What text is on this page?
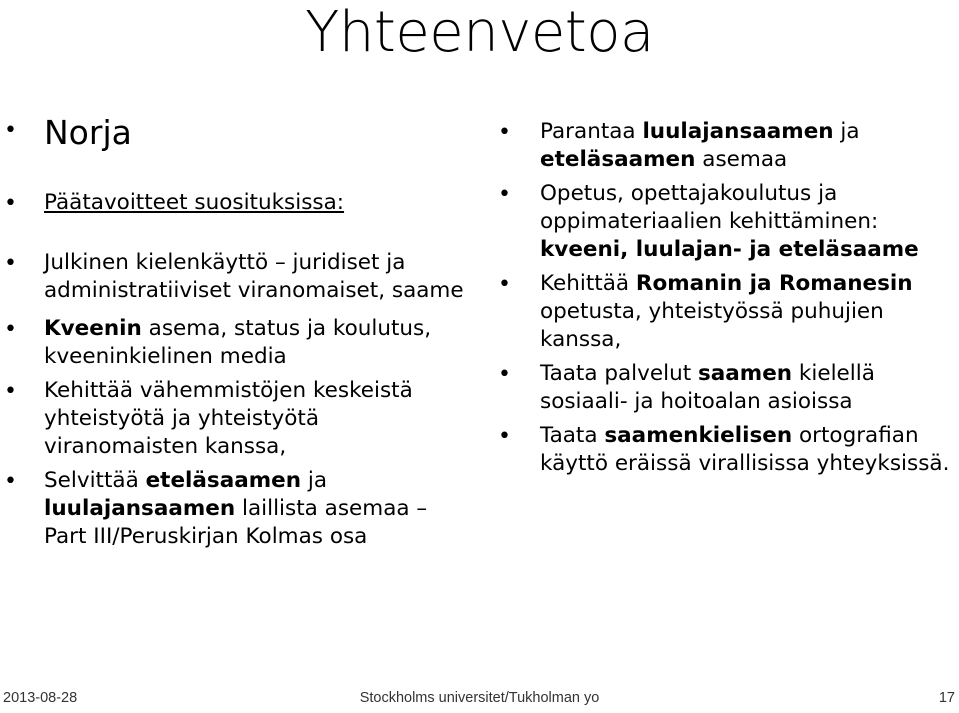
Yhteenvetoa
• Norja
• Päätavoitteet suosituksissa:
• Julkinen kielenkäyttö – juridiset ja administratiiviset viranomaiset, saame
• Kveenin asema, status ja koulutus, kveeninkielinen media
• Kehittää vähemmistöjen keskeistä yhteistyötä ja yhteistyötä viranomaisten kanssa,
• Selvittää eteläsaamen ja luulajansaamen laillista asemaa – Part III/Peruskirjan Kolmas osa
• Parantaa luulajansaamen ja eteläsaamen asemaa
• Opetus, opettajakoulutus ja oppimateriaalien kehittäminen: kveeni, luulajan- ja eteläsaame
• Kehittää Romanin ja Romanesin opetusta, yhteistyössä puhujien kanssa,
• Taata palvelut saamen kielellä sosiaali- ja hoitoalan asioissa
• Taata saamenkielisen ortografian käyttö eräissä virallisissa yhteyksissä.
Stockholms universitet/Tukholman yo
2013-08-28	17
